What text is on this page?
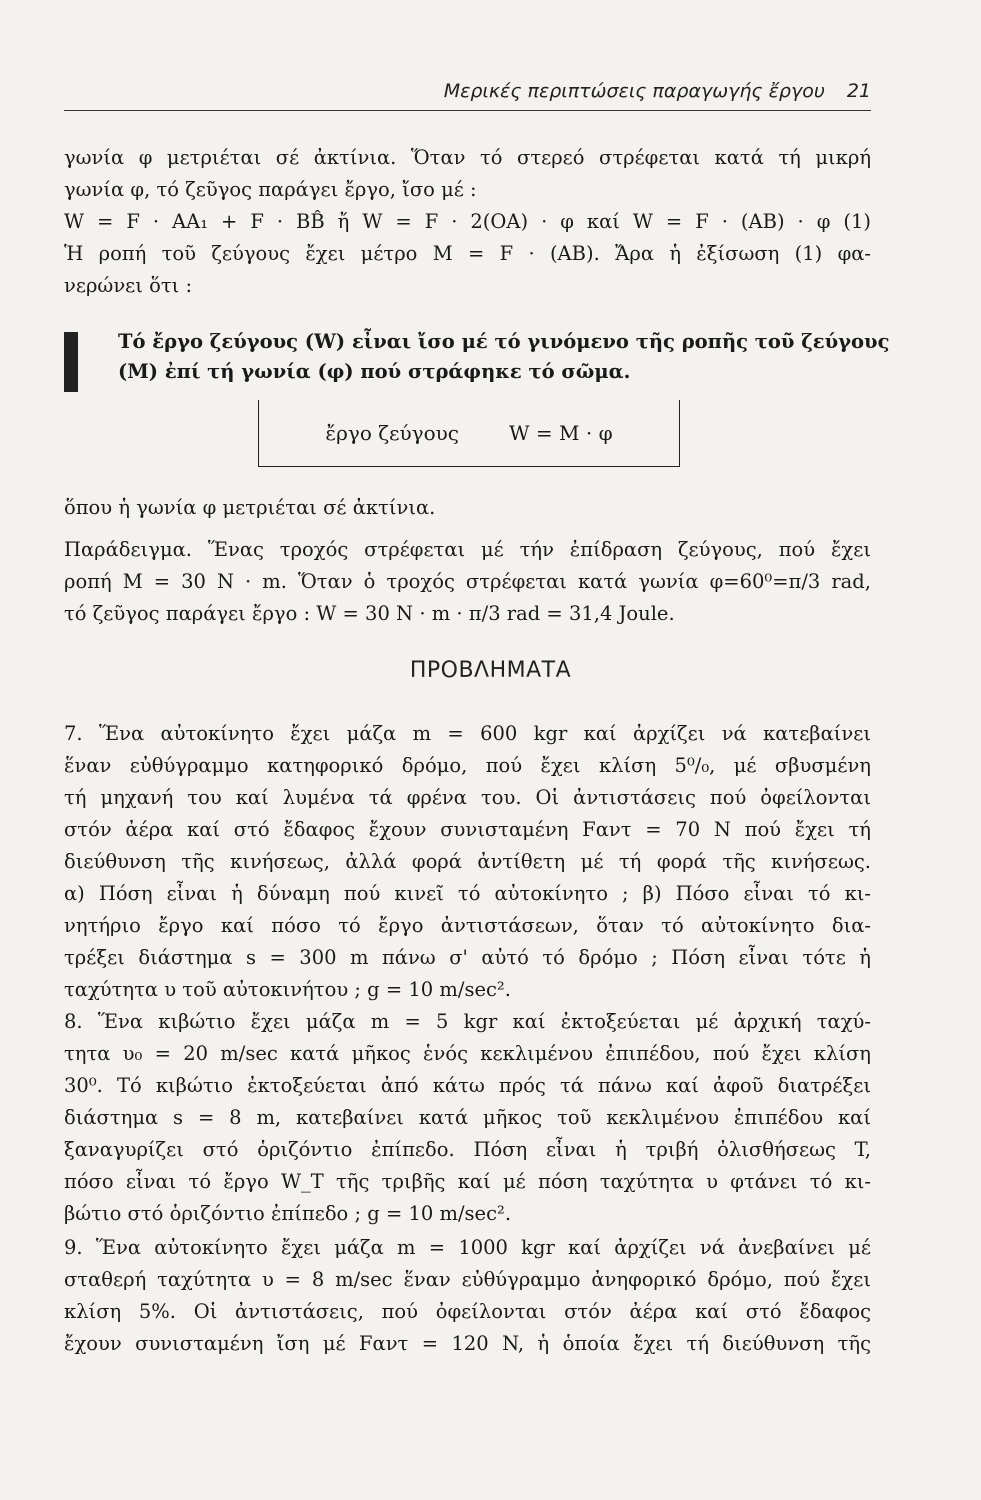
Μερικές περιπτώσεις παραγωγής ἔργου 21
γωνία φ μετριέται σέ ἀκτίνια. Ὅταν τό στερεό στρέφεται κατά τή μικρή
γωνία φ, τό ζεῦγος παράγει ἔργο, ἴσο μέ :
W = F · AA₁ + F · BB̂ ἤ W = F · 2(OA) · φ καί W = F · (AB) · φ (1)
Ἡ ροπή τοῦ ζεύγους ἔχει μέτρο M = F · (AB). Ἄρα ἡ ἐξίσωση (1) φα-
νερώνει ὅτι :
Τό ἔργο ζεύγους (W) εἶναι ἴσο μέ τό γινόμενο τῆς ροπῆς τοῦ ζεύγους
(M) ἐπί τή γωνία (φ) πού στράφηκε τό σῶμα.
ἔργο ζεύγους	W = M · φ
ὅπου ἡ γωνία φ μετριέται σέ ἀκτίνια.
Παράδειγμα. Ἕνας τροχός στρέφεται μέ τήν ἐπίδραση ζεύγους, πού ἔχει
ροπή M = 30 N · m. Ὅταν ὁ τροχός στρέφεται κατά γωνία φ=60⁰=π/3 rad,
τό ζεῦγος παράγει ἔργο : W = 30 N · m · π/3 rad = 31,4 Joule.
ΠΡΟΒΛΗΜΑΤΑ
7. Ἕνα αὐτοκίνητο ἔχει μάζα m = 600 kgr καί ἀρχίζει νά κατεβαίνει
ἕναν εὐθύγραμμο κατηφορικό δρόμο, πού ἔχει κλίση 5⁰/₀, μέ σβυσμένη
τή μηχανή του καί λυμένα τά φρένα του. Οἱ ἀντιστάσεις πού ὀφείλονται
στόν ἀέρα καί στό ἔδαφος ἔχουν συνισταμένη Fαντ = 70 N πού ἔχει τή
διεύθυνση τῆς κινήσεως, ἀλλά φορά ἀντίθετη μέ τή φορά τῆς κινήσεως.
α) Πόση εἶναι ἡ δύναμη πού κινεῖ τό αὐτοκίνητο ; β) Πόσο εἶναι τό κι-
νητήριο ἔργο καί πόσο τό ἔργο ἀντιστάσεων, ὅταν τό αὐτοκίνητο δια-
τρέξει διάστημα s = 300 m πάνω σ' αὐτό τό δρόμο ; Πόση εἶναι τότε ἡ
ταχύτητα υ τοῦ αὐτοκινήτου ; g = 10 m/sec².
8. Ἕνα κιβώτιο ἔχει μάζα m = 5 kgr καί ἐκτοξεύεται μέ ἀρχική ταχύ-
τητα υ₀ = 20 m/sec κατά μῆκος ἑνός κεκλιμένου ἐπιπέδου, πού ἔχει κλίση
30⁰. Τό κιβώτιο ἐκτοξεύεται ἀπό κάτω πρός τά πάνω καί ἀφοῦ διατρέξει
διάστημα s = 8 m, κατεβαίνει κατά μῆκος τοῦ κεκλιμένου ἐπιπέδου καί
ξαναγυρίζει στό ὁριζόντιο ἐπίπεδο. Πόση εἶναι ἡ τριβή ὀλισθήσεως T,
πόσο εἶναι τό ἔργο W_T τῆς τριβῆς καί μέ πόση ταχύτητα υ φτάνει τό κι-
βώτιο στό ὁριζόντιο ἐπίπεδο ; g = 10 m/sec².
9. Ἕνα αὐτοκίνητο ἔχει μάζα m = 1000 kgr καί ἀρχίζει νά ἀνεβαίνει μέ
σταθερή ταχύτητα υ = 8 m/sec ἕναν εὐθύγραμμο ἀνηφορικό δρόμο, πού ἔχει
κλίση 5%. Οἱ ἀντιστάσεις, πού ὀφείλονται στόν ἀέρα καί στό ἔδαφος
ἔχουν συνισταμένη ἴση μέ Fαντ = 120 N, ἡ ὁποία ἔχει τή διεύθυνση τῆς
